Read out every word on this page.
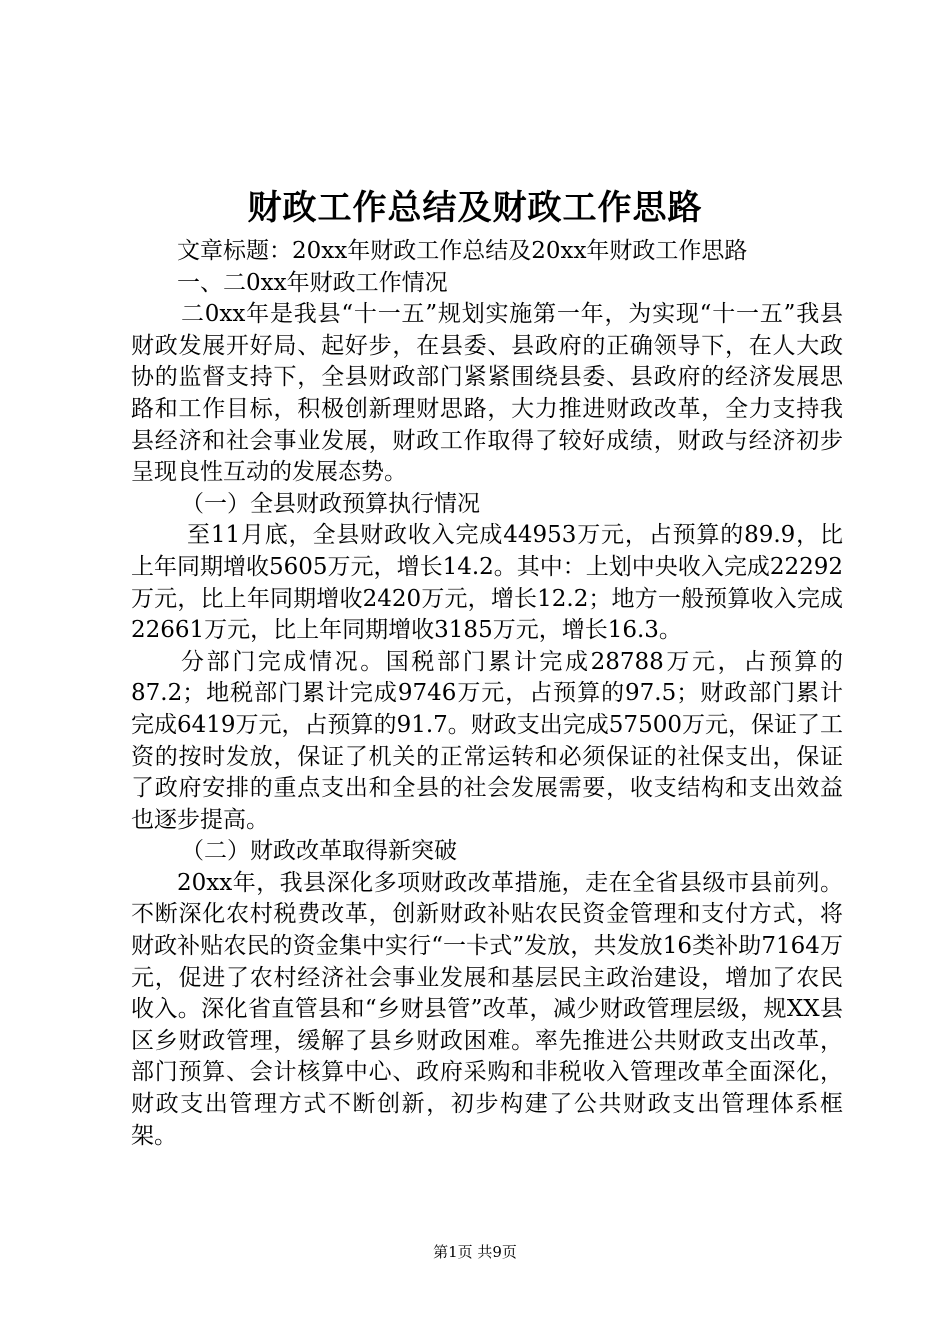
财政工作总结及财政工作思路

文章标题：20xx年财政工作总结及20xx年财政工作思路

一、二0xx年财政工作情况

二0xx年是我县“十一五”规划实施第一年，为实现“十一五”我县财政发展开好局、起好步，在县委、县政府的正确领导下，在人大政协的监督支持下，全县财政部门紧紧围绕县委、县政府的经济发展思路和工作目标，积极创新理财思路，大力推进财政改革，全力支持我县经济和社会事业发展，财政工作取得了较好成绩，财政与经济初步呈现良性互动的发展态势。

（一）全县财政预算执行情况

至11月底，全县财政收入完成44953万元，占预算的89.9，比上年同期增收5605万元，增长14.2。其中：上划中央收入完成22292万元，比上年同期增收2420万元，增长12.2；地方一般预算收入完成22661万元，比上年同期增收3185万元，增长16.3。

分部门完成情况。国税部门累计完成28788万元，占预算的87.2；地税部门累计完成9746万元，占预算的97.5；财政部门累计完成6419万元，占预算的91.7。财政支出完成57500万元，保证了工资的按时发放，保证了机关的正常运转和必须保证的社保支出，保证了政府安排的重点支出和全县的社会发展需要，收支结构和支出效益也逐步提高。

（二）财政改革取得新突破

20xx年，我县深化多项财政改革措施，走在全省县级市县前列。不断深化农村税费改革，创新财政补贴农民资金管理和支付方式，将财政补贴农民的资金集中实行“一卡式”发放，共发放16类补助7164万元，促进了农村经济社会事业发展和基层民主政治建设，增加了农民收入。深化省直管县和“乡财县管”改革，减少财政管理层级，规XX县区乡财政管理，缓解了县乡财政困难。率先推进公共财政支出改革，部门预算、会计核算中心、政府采购和非税收入管理改革全面深化，财政支出管理方式不断创新，初步构建了公共财政支出管理体系框架。

第1页 共9页
